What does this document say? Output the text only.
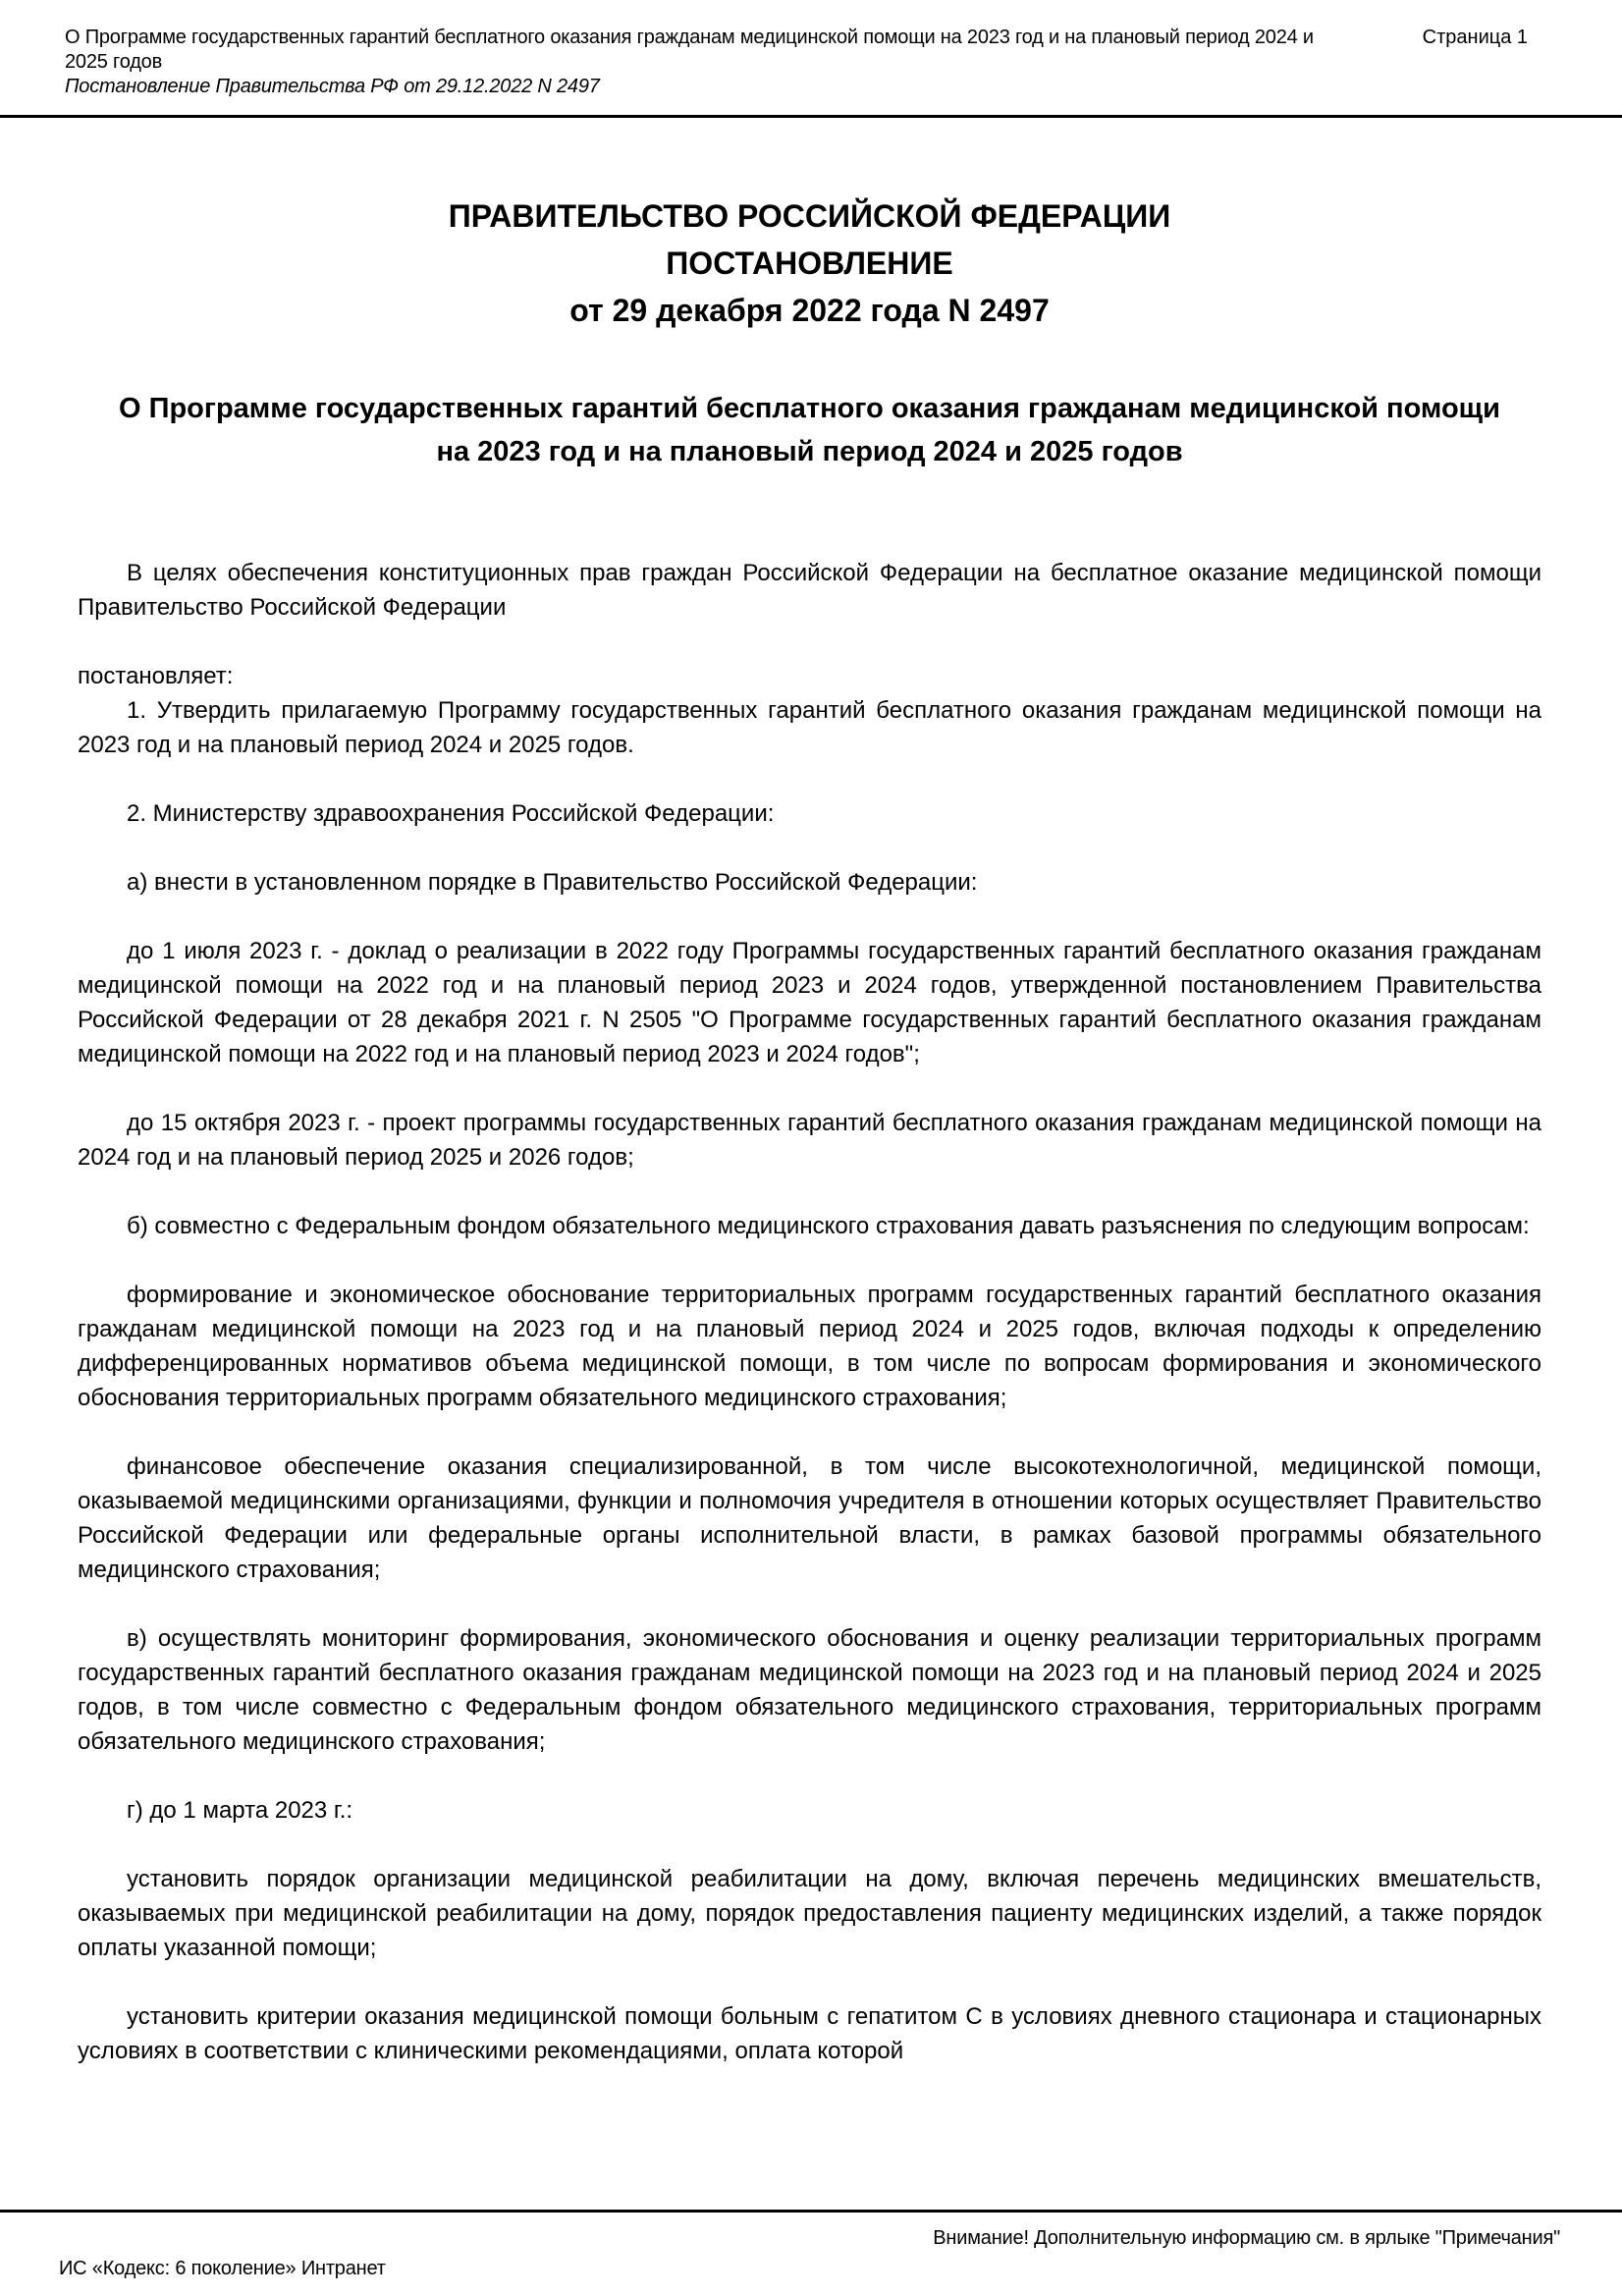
О Программе государственных гарантий бесплатного оказания гражданам медицинской помощи на 2023 год и на плановый период 2024 и 2025 годов
Страница 1
Постановление Правительства РФ от 29.12.2022 N 2497
ПРАВИТЕЛЬСТВО РОССИЙСКОЙ ФЕДЕРАЦИИ
ПОСТАНОВЛЕНИЕ
от 29 декабря 2022 года N 2497
О Программе государственных гарантий бесплатного оказания гражданам медицинской помощи на 2023 год и на плановый период 2024 и 2025 годов

В целях обеспечения конституционных прав граждан Российской Федерации на бесплатное оказание медицинской помощи Правительство Российской Федерации

постановляет:

1. Утвердить прилагаемую Программу государственных гарантий бесплатного оказания гражданам медицинской помощи на 2023 год и на плановый период 2024 и 2025 годов.

2. Министерству здравоохранения Российской Федерации:

а) внести в установленном порядке в Правительство Российской Федерации:

до 1 июля 2023 г. - доклад о реализации в 2022 году Программы государственных гарантий бесплатного оказания гражданам медицинской помощи на 2022 год и на плановый период 2023 и 2024 годов, утвержденной постановлением Правительства Российской Федерации от 28 декабря 2021 г. N 2505 "О Программе государственных гарантий бесплатного оказания гражданам медицинской помощи на 2022 год и на плановый период 2023 и 2024 годов";

до 15 октября 2023 г. - проект программы государственных гарантий бесплатного оказания гражданам медицинской помощи на 2024 год и на плановый период 2025 и 2026 годов;

б) совместно с Федеральным фондом обязательного медицинского страхования давать разъяснения по следующим вопросам:

формирование и экономическое обоснование территориальных программ государственных гарантий бесплатного оказания гражданам медицинской помощи на 2023 год и на плановый период 2024 и 2025 годов, включая подходы к определению дифференцированных нормативов объема медицинской помощи, в том числе по вопросам формирования и экономического обоснования территориальных программ обязательного медицинского страхования;

финансовое обеспечение оказания специализированной, в том числе высокотехнологичной, медицинской помощи, оказываемой медицинскими организациями, функции и полномочия учредителя в отношении которых осуществляет Правительство Российской Федерации или федеральные органы исполнительной власти, в рамках базовой программы обязательного медицинского страхования;

в) осуществлять мониторинг формирования, экономического обоснования и оценку реализации территориальных программ государственных гарантий бесплатного оказания гражданам медицинской помощи на 2023 год и на плановый период 2024 и 2025 годов, в том числе совместно с Федеральным фондом обязательного медицинского страхования, территориальных программ обязательного медицинского страхования;

г) до 1 марта 2023 г.:

установить порядок организации медицинской реабилитации на дому, включая перечень медицинских вмешательств, оказываемых при медицинской реабилитации на дому, порядок предоставления пациенту медицинских изделий, а также порядок оплаты указанной помощи;

установить критерии оказания медицинской помощи больным с гепатитом С в условиях дневного стационара и стационарных условиях в соответствии с клиническими рекомендациями, оплата которой

Внимание! Дополнительную информацию см. в ярлыке "Примечания"
ИС «Кодекс: 6 поколение» Интранет
